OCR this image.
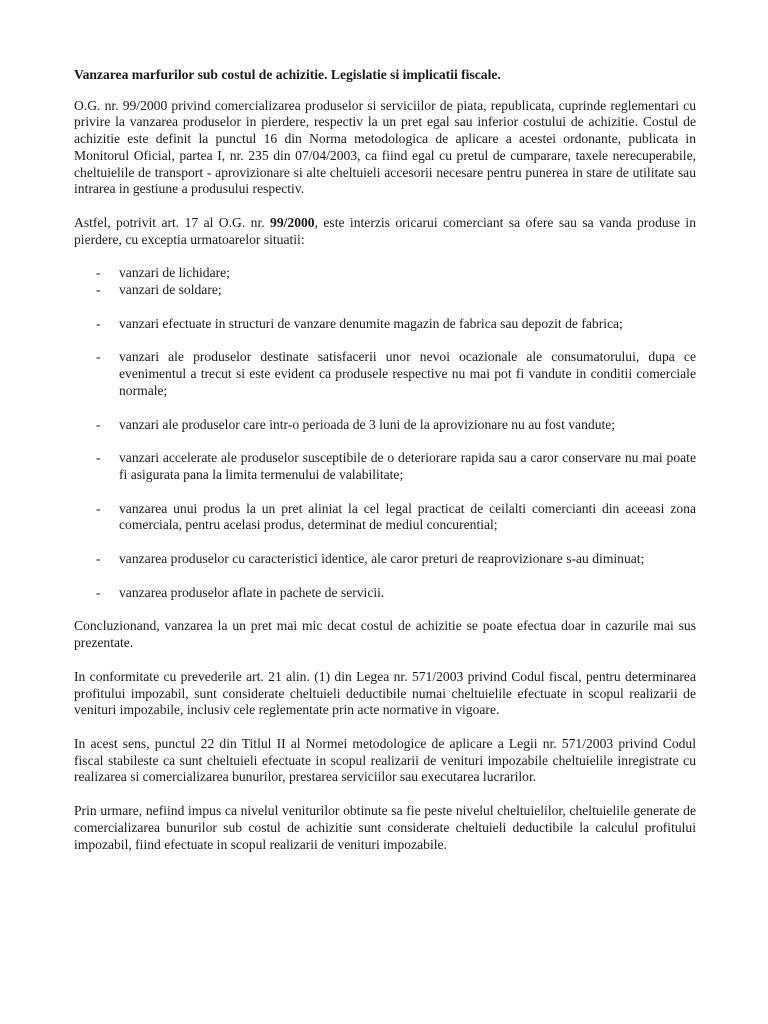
Vanzarea marfurilor sub costul de achizitie. Legislatie si implicatii fiscale.

O.G. nr. 99/2000 privind comercializarea produselor si serviciilor de piata, republicata, cuprinde reglementari cu privire la vanzarea produselor in pierdere, respectiv la un pret egal sau inferior costului de achizitie. Costul de achizitie este definit la punctul 16 din Norma metodologica de aplicare a acestei ordonante, publicata in Monitorul Oficial, partea I, nr. 235 din 07/04/2003, ca fiind egal cu pretul de cumparare, taxele nerecuperabile, cheltuielile de transport - aprovizionare si alte cheltuieli accesorii necesare pentru punerea in stare de utilitate sau intrarea in gestiune a produsului respectiv.

Astfel, potrivit art. 17 al O.G. nr. 99/2000, este interzis oricarui comerciant sa ofere sau sa vanda produse in pierdere, cu exceptia urmatoarelor situatii:

- vanzari de lichidare;
- vanzari de soldare;
- vanzari efectuate in structuri de vanzare denumite magazin de fabrica sau depozit de fabrica;
- vanzari ale produselor destinate satisfacerii unor nevoi ocazionale ale consumatorului, dupa ce evenimentul a trecut si este evident ca produsele respective nu mai pot fi vandute in conditii comerciale normale;
- vanzari ale produselor care intr-o perioada de 3 luni de la aprovizionare nu au fost vandute;
- vanzari accelerate ale produselor susceptibile de o deteriorare rapida sau a caror conservare nu mai poate fi asigurata pana la limita termenului de valabilitate;
- vanzarea unui produs la un pret aliniat la cel legal practicat de ceilalti comercianti din aceeasi zona comerciala, pentru acelasi produs, determinat de mediul concurential;
- vanzarea produselor cu caracteristici identice, ale caror preturi de reaprovizionare s-au diminuat;
- vanzarea produselor aflate in pachete de servicii.

Concluzionand, vanzarea la un pret mai mic decat costul de achizitie se poate efectua doar in cazurile mai sus prezentate.

In conformitate cu prevederile art. 21 alin. (1) din Legea nr. 571/2003 privind Codul fiscal, pentru determinarea profitului impozabil, sunt considerate cheltuieli deductibile numai cheltuielile efectuate in scopul realizarii de venituri impozabile, inclusiv cele reglementate prin acte normative in vigoare.

In acest sens, punctul 22 din Titlul II al Normei metodologice de aplicare a Legii nr. 571/2003 privind Codul fiscal stabileste ca sunt cheltuieli efectuate in scopul realizarii de venituri impozabile cheltuielile inregistrate cu realizarea si comercializarea bunurilor, prestarea serviciilor sau executarea lucrarilor.

Prin urmare, nefiind impus ca nivelul veniturilor obtinute sa fie peste nivelul cheltuielilor, cheltuielile generate de comercializarea bunurilor sub costul de achizitie sunt considerate cheltuieli deductibile la calculul profitului impozabil, fiind efectuate in scopul realizarii de venituri impozabile.
